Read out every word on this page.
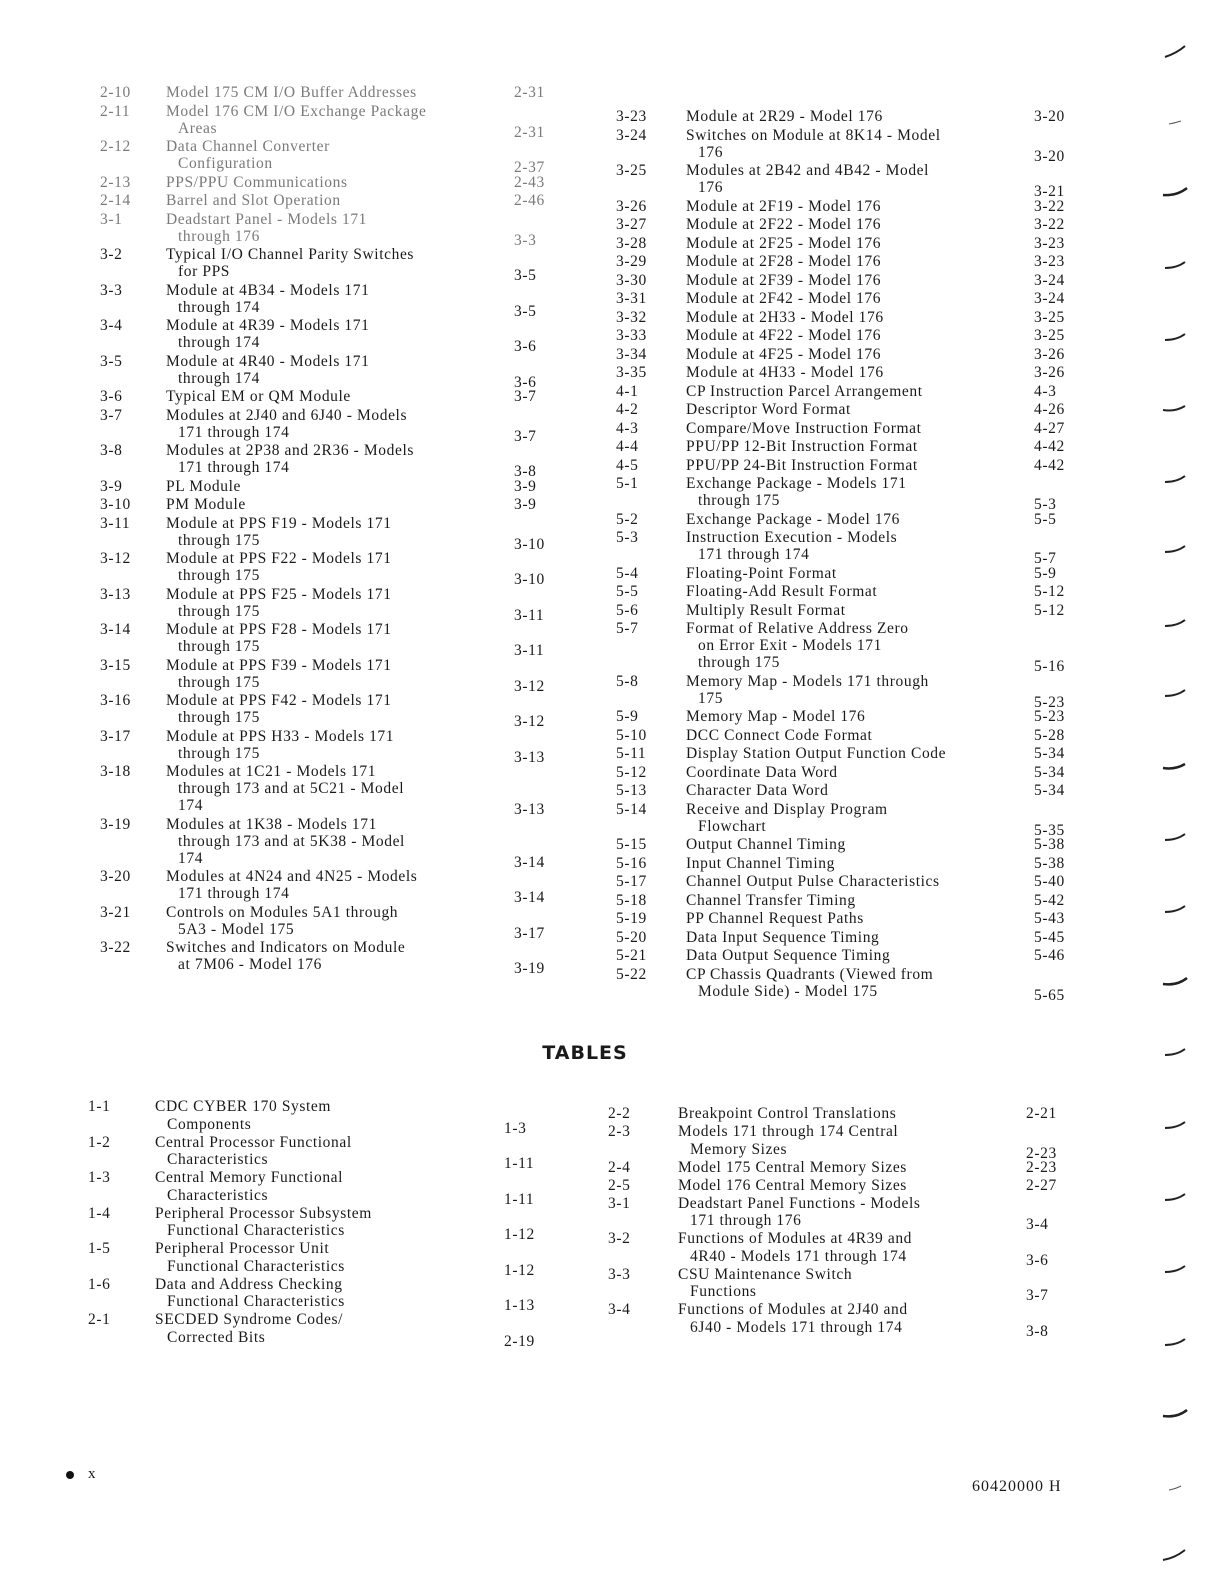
2-10 Model 175 CM I/O Buffer Addresses	2-31
2-11 Model 176 CM I/O Exchange Package
Areas	2-31
2-12 Data Channel Converter
Configuration	2-37
2-13 PPS/PPU Communications	2-43
2-14 Barrel and Slot Operation	2-46
3-1	Deadstart Panel - Models 171
through 176	3-3
3-2	Typical I/O Channel Parity Switches
for PPS	3-5
3-3	Module at 4B34 - Models 171
through 174	3-5
3-4	Module at 4R39 - Models 171
through 174	3-6
3-5	Module at 4R40 - Models 171
through 174	3-6
3-6	Typical EM or QM Module	3-7
3-7	Modules at 2J40 and 6J40 - Models
171 through 174	3-7
3-8	Modules at 2P38 and 2R36 - Models
171 through 174	3-8
3-9	PL Module	3-9
3-10 PM Module	3-9
3-11 Module at PPS F19 - Models 171
through 175	3-10
3-12 Module at PPS F22 - Models 171
through 175	3-10
3-13 Module at PPS F25 - Models 171
through 175	3-11
3-14 Module at PPS F28 - Models 171
through 175	3-11
3-15 Module at PPS F39 - Models 171
through 175	3-12
3-16 Module at PPS F42 - Models 171
through 175	3-12
3-17 Module at PPS H33 - Models 171
through 175	3-13
3-18 Modules at 1C21 - Models 171
through 173 and at 5C21 - Model
174	3-13
3-19 Modules at 1K38 - Models 171
through 173 and at 5K38 - Model
174	3-14
3-20 Modules at 4N24 and 4N25 - Models
171 through 174	3-14
3-21 Controls on Modules 5A1 through
5A3 - Model 175	3-17
3-22 Switches and Indicators on Module
at 7M06 - Model 176	3-19
3-23	Module at 2R29 - Model 176	3-20
3-24	Switches on Module at 8K14 - Model
176	3-20
3-25	Modules at 2B42 and 4B42 - Model
176	3-21
3-26	Module at 2F19 - Model 176	3-22
3-27	Module at 2F22 - Model 176	3-22
3-28	Module at 2F25 - Model 176	3-23
3-29	Module at 2F28 - Model 176	3-23
3-30	Module at 2F39 - Model 176	3-24
3-31	Module at 2F42 - Model 176	3-24
3-32	Module at 2H33 - Model 176	3-25
3-33	Module at 4F22 - Model 176	3-25
3-34	Module at 4F25 - Model 176	3-26
3-35	Module at 4H33 - Model 176	3-26
4-1	CP Instruction Parcel Arrangement	4-3
4-2	Descriptor Word Format	4-26
4-3	Compare/Move Instruction Format	4-27
4-4	PPU/PP 12-Bit Instruction Format	4-42
4-5	PPU/PP 24-Bit Instruction Format	4-42
5-1	Exchange Package - Models 171
through 175	5-3
5-2	Exchange Package - Model 176	5-5
5-3	Instruction Execution - Models
171 through 174	5-7
5-4	Floating-Point Format	5-9
5-5	Floating-Add Result Format	5-12
5-6	Multiply Result Format	5-12
5-7	Format of Relative Address Zero
on Error Exit - Models 171
through 175	5-16
5-8	Memory Map - Models 171 through
175	5-23
5-9	Memory Map - Model 176	5-23
5-10	DCC Connect Code Format	5-28
5-11	Display Station Output Function Code	5-34
5-12	Coordinate Data Word	5-34
5-13	Character Data Word	5-34
5-14	Receive and Display Program
Flowchart	5-35
5-15	Output Channel Timing	5-38
5-16	Input Channel Timing	5-38
5-17	Channel Output Pulse Characteristics	5-40
5-18	Channel Transfer Timing	5-42
5-19	PP Channel Request Paths	5-43
5-20	Data Input Sequence Timing	5-45
5-21	Data Output Sequence Timing	5-46
5-22	CP Chassis Quadrants (Viewed from
Module Side) - Model 175	5-65
TABLES
1-1	CDC CYBER 170 System
Components	1-3
1-2	Central Processor Functional
Characteristics	1-11
1-3	Central Memory Functional
Characteristics	1-11
1-4	Peripheral Processor Subsystem
Functional Characteristics	1-12
1-5	Peripheral Processor Unit
Functional Characteristics	1-12
1-6	Data and Address Checking
Functional Characteristics	1-13
2-1	SECDED Syndrome Codes/
Corrected Bits	2-19
2-2	Breakpoint Control Translations	2-21
2-3	Models 171 through 174 Central
Memory Sizes	2-23
2-4	Model 175 Central Memory Sizes	2-23
2-5	Model 176 Central Memory Sizes	2-27
3-1	Deadstart Panel Functions - Models
171 through 176	3-4
3-2	Functions of Modules at 4R39 and
4R40 - Models 171 through 174	3-6
3-3	CSU Maintenance Switch
Functions	3-7
3-4	Functions of Modules at 2J40 and
6J40 - Models 171 through 174	3-8
x
60420000 H
